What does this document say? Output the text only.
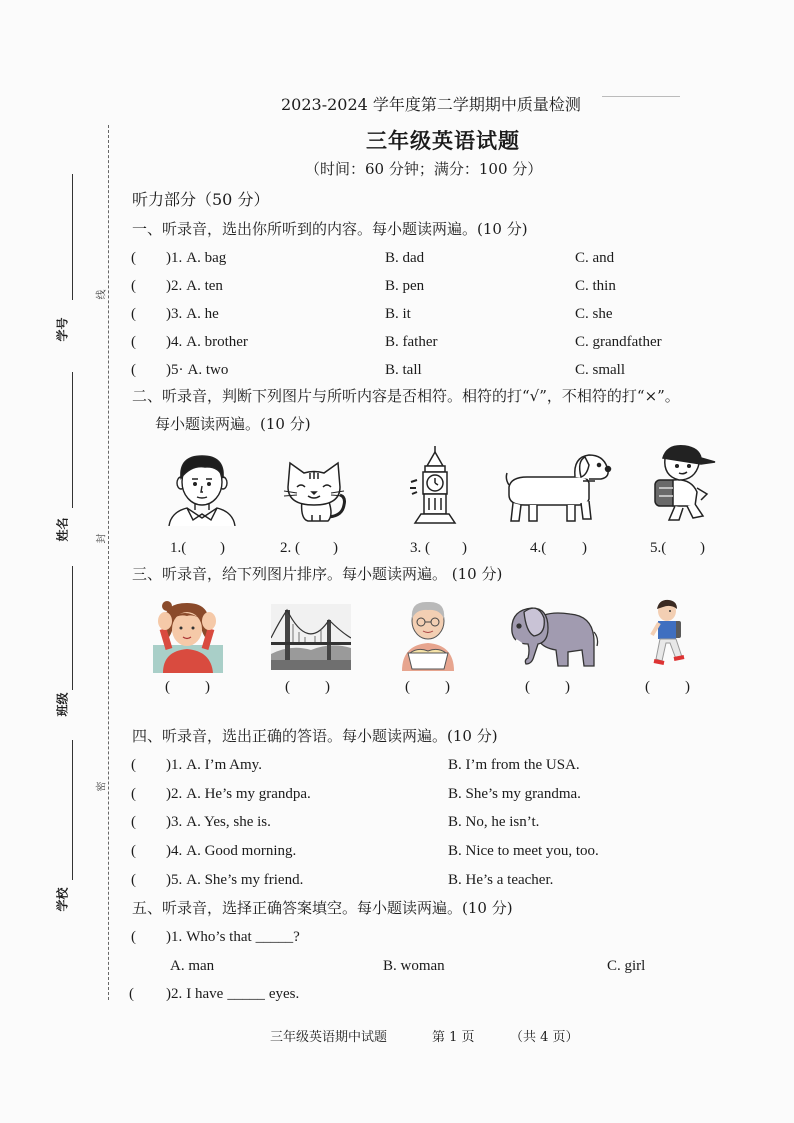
学号
姓名
班级
学校
线
封
密
2023-2024 学年度第二学期期中质量检测
三年级英语试题
（时间：60 分钟；满分：100 分）
听力部分（50 分）
一、听录音，选出你所听到的内容。每小题读两遍。(10 分)
( )1. A. bag	B. dad	C. and
( )2. A. ten	B. pen	C. thin
( )3. A. he	B. it	C. she
( )4. A. brother	B. father	C. grandfather
( )5· A. two	B. tall	C. small
二、听录音，判断下列图片与所听内容是否相符。相符的打“√”，不相符的打“×”。
每小题读两遍。(10 分)
1.( )	2. ( )	3. ( )	4.( )	5.( )
三、听录音，给下列图片排序。每小题读两遍。 (10 分)
( )	( )	( )	( )	( )
四、听录音，选出正确的答语。每小题读两遍。(10 分)
( )1. A. I’m Amy.	B. I’m from the USA.
( )2. A. He’s my grandpa.	B. She’s my grandma.
( )3. A. Yes, she is.	B. No, he isn’t.
( )4. A. Good morning.	B. Nice to meet you, too.
( )5. A. She’s my friend.	B. He’s a teacher.
五、听录音，选择正确答案填空。每小题读两遍。(10 分)
( )1. Who’s that _____?
A. man	B. woman	C. girl
( )2. I have _____ eyes.
三年级英语期中试题	第 1 页	（共 4 页）
